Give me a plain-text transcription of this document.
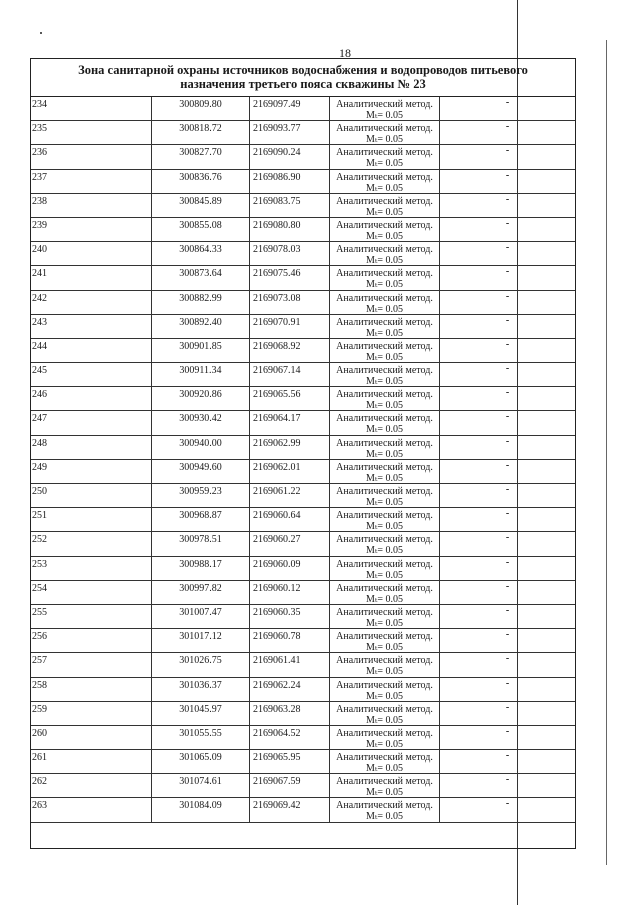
18
Зона санитарной охраны источников водоснабжения и водопроводов питьевого
назначения третьего пояса скважины № 23
234	300809.80	2169097.49	Аналитический метод.
Mₜ= 0.05
-
235	300818.72	2169093.77	Аналитический метод.
Mₜ= 0.05
-
236	300827.70	2169090.24	Аналитический метод.
Mₜ= 0.05
-
237	300836.76	2169086.90	Аналитический метод.
Mₜ= 0.05
-
238	300845.89	2169083.75	Аналитический метод.
Mₜ= 0.05
-
239	300855.08	2169080.80	Аналитический метод.
Mₜ= 0.05
-
240	300864.33	2169078.03	Аналитический метод.
Mₜ= 0.05
-
241	300873.64	2169075.46	Аналитический метод.
Mₜ= 0.05
-
242	300882.99	2169073.08	Аналитический метод.
Mₜ= 0.05
-
243	300892.40	2169070.91	Аналитический метод.
Mₜ= 0.05
-
244	300901.85	2169068.92	Аналитический метод.
Mₜ= 0.05
-
245	300911.34	2169067.14	Аналитический метод.
Mₜ= 0.05
-
246	300920.86	2169065.56	Аналитический метод.
Mₜ= 0.05
-
247	300930.42	2169064.17	Аналитический метод.
Mₜ= 0.05
-
248	300940.00	2169062.99	Аналитический метод.
Mₜ= 0.05
-
249	300949.60	2169062.01	Аналитический метод.
Mₜ= 0.05
-
250	300959.23	2169061.22	Аналитический метод.
Mₜ= 0.05
-
251	300968.87	2169060.64	Аналитический метод.
Mₜ= 0.05
-
252	300978.51	2169060.27	Аналитический метод.
Mₜ= 0.05
-
253	300988.17	2169060.09	Аналитический метод.
Mₜ= 0.05
-
254	300997.82	2169060.12	Аналитический метод.
Mₜ= 0.05
-
255	301007.47	2169060.35	Аналитический метод.
Mₜ= 0.05
-
256	301017.12	2169060.78	Аналитический метод.
Mₜ= 0.05
-
257	301026.75	2169061.41	Аналитический метод.
Mₜ= 0.05
-
258	301036.37	2169062.24	Аналитический метод.
Mₜ= 0.05
-
259	301045.97	2169063.28	Аналитический метод.
Mₜ= 0.05
-
260	301055.55	2169064.52	Аналитический метод.
Mₜ= 0.05
-
261	301065.09	2169065.95	Аналитический метод.
Mₜ= 0.05
-
262	301074.61	2169067.59	Аналитический метод.
Mₜ= 0.05
-
263	301084.09	2169069.42	Аналитический метод.
Mₜ= 0.05
-
